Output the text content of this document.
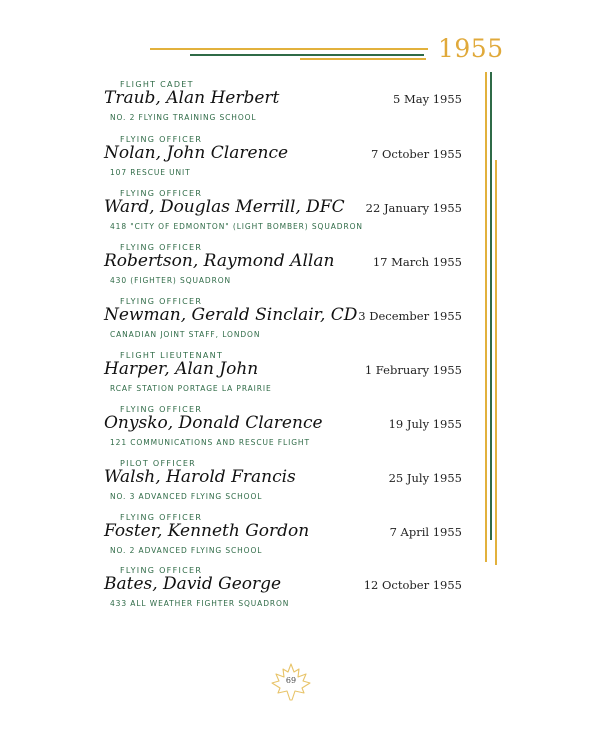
1955
FLIGHT CADET
Traub, Alan Herbert
NO. 2 FLYING TRAINING SCHOOL
5 May 1955
FLYING OFFICER
Nolan, John Clarence
107 RESCUE UNIT
7 October 1955
FLYING OFFICER
Ward, Douglas Merrill, DFC
418 "CITY OF EDMONTON" (LIGHT BOMBER) SQUADRON
22 January 1955
FLYING OFFICER
Robertson, Raymond Allan
430 (FIGHTER) SQUADRON
17 March 1955
FLYING OFFICER
Newman, Gerald Sinclair, CD
CANADIAN JOINT STAFF, LONDON
3 December 1955
FLIGHT LIEUTENANT
Harper, Alan John
RCAF STATION PORTAGE LA PRAIRIE
1 February 1955
FLYING OFFICER
Onysko, Donald Clarence
121 COMMUNICATIONS AND RESCUE FLIGHT
19 July 1955
PILOT OFFICER
Walsh, Harold Francis
NO. 3 ADVANCED FLYING SCHOOL
25 July 1955
FLYING OFFICER
Foster, Kenneth Gordon
NO. 2 ADVANCED FLYING SCHOOL
7 April 1955
FLYING OFFICER
Bates, David George
433 ALL WEATHER FIGHTER SQUADRON
12 October 1955
69
